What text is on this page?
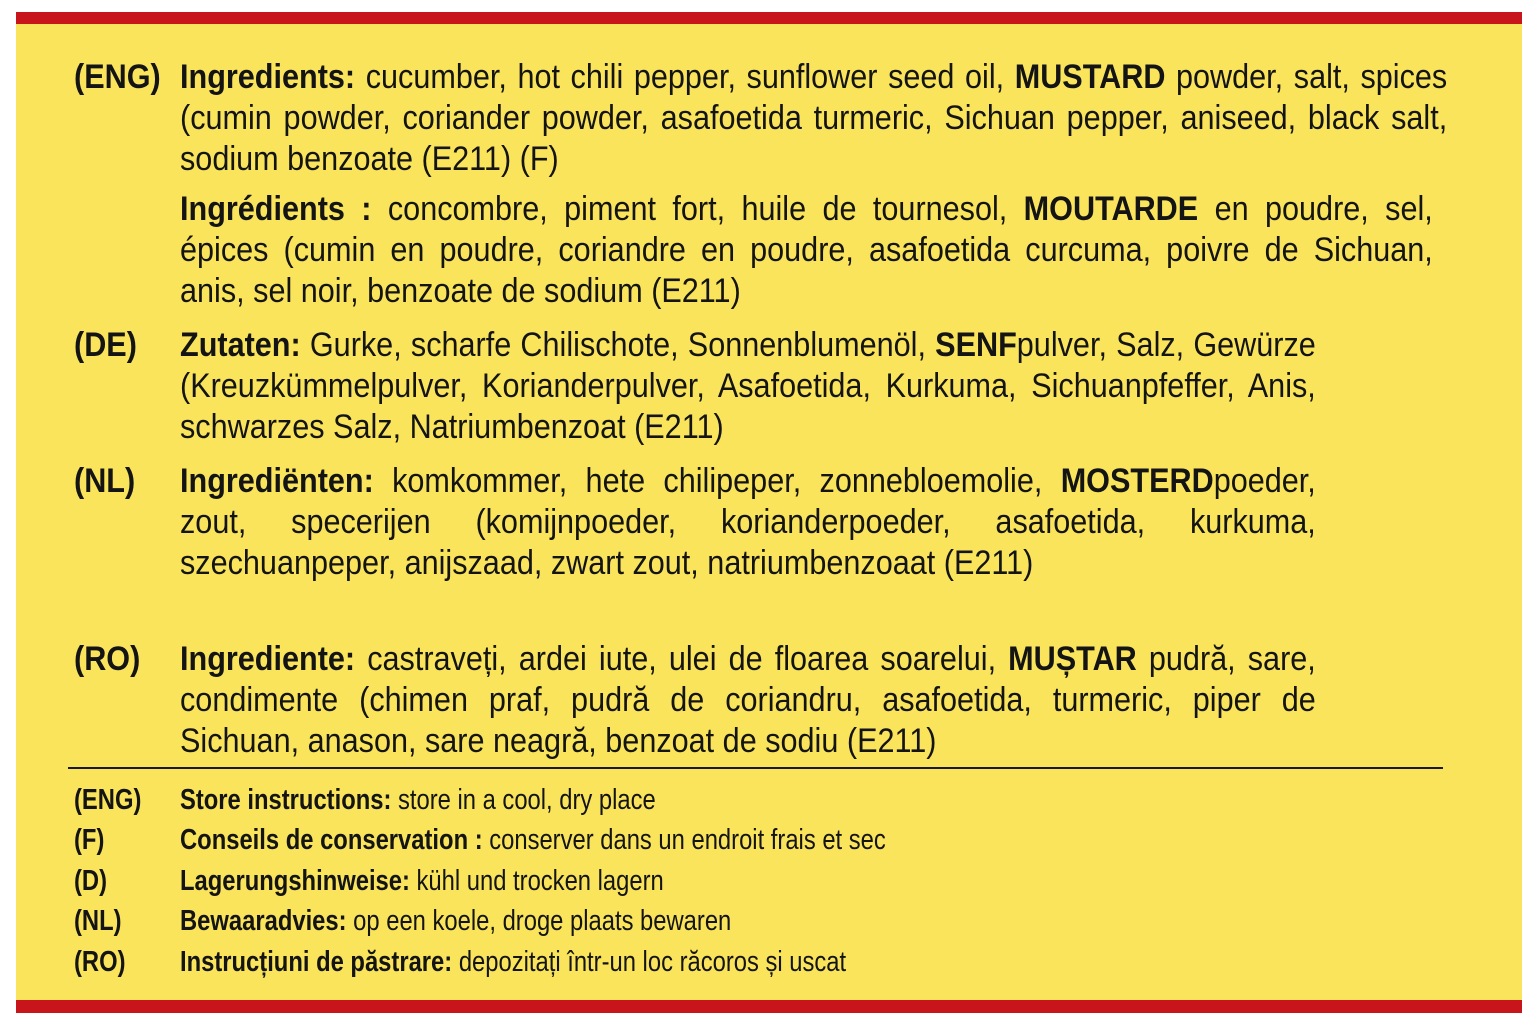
(ENG) Ingredients: cucumber, hot chili pepper, sunflower seed oil, MUSTARD powder, salt, spices (cumin powder, coriander powder, asafoetida turmeric, Sichuan pepper, aniseed, black salt, sodium benzoate (E211) (F)
Ingrédients : concombre, piment fort, huile de tournesol, MOUTARDE en poudre, sel, épices (cumin en poudre, coriandre en poudre, asafoetida curcuma, poivre de Sichuan, anis, sel noir, benzoate de sodium (E211)
(DE) Zutaten: Gurke, scharfe Chilischote, Sonnenblumenöl, SENFpulver, Salz, Gewürze (Kreuzkümmelpulver, Korianderpulver, Asafoetida, Kurkuma, Sichuanpfeffer, Anis, schwarzes Salz, Natriumbenzoat (E211)
(NL) Ingrediënten: komkommer, hete chilipeper, zonnebloemolie, MOSTERDpoeder, zout, specerijen (komijnpoeder, korianderpoeder, asafoetida, kurkuma, szechuanpeper, anijszaad, zwart zout, natriumbenzoaat (E211)
(RO) Ingrediente: castraveți, ardei iute, ulei de floarea soarelui, MUȘTAR pudră, sare, condimente (chimen praf, pudră de coriandru, asafoetida, turmeric, piper de Sichuan, anason, sare neagră, benzoat de sodiu (E211)
(ENG) Store instructions: store in a cool, dry place
(F)	Conseils de conservation : conserver dans un endroit frais et sec
(D)	Lagerungshinweise: kühl und trocken lagern
(NL) Bewaaradvies: op een koele, droge plaats bewaren
(RO) Instrucțiuni de păstrare: depozitați într-un loc răcoros și uscat
